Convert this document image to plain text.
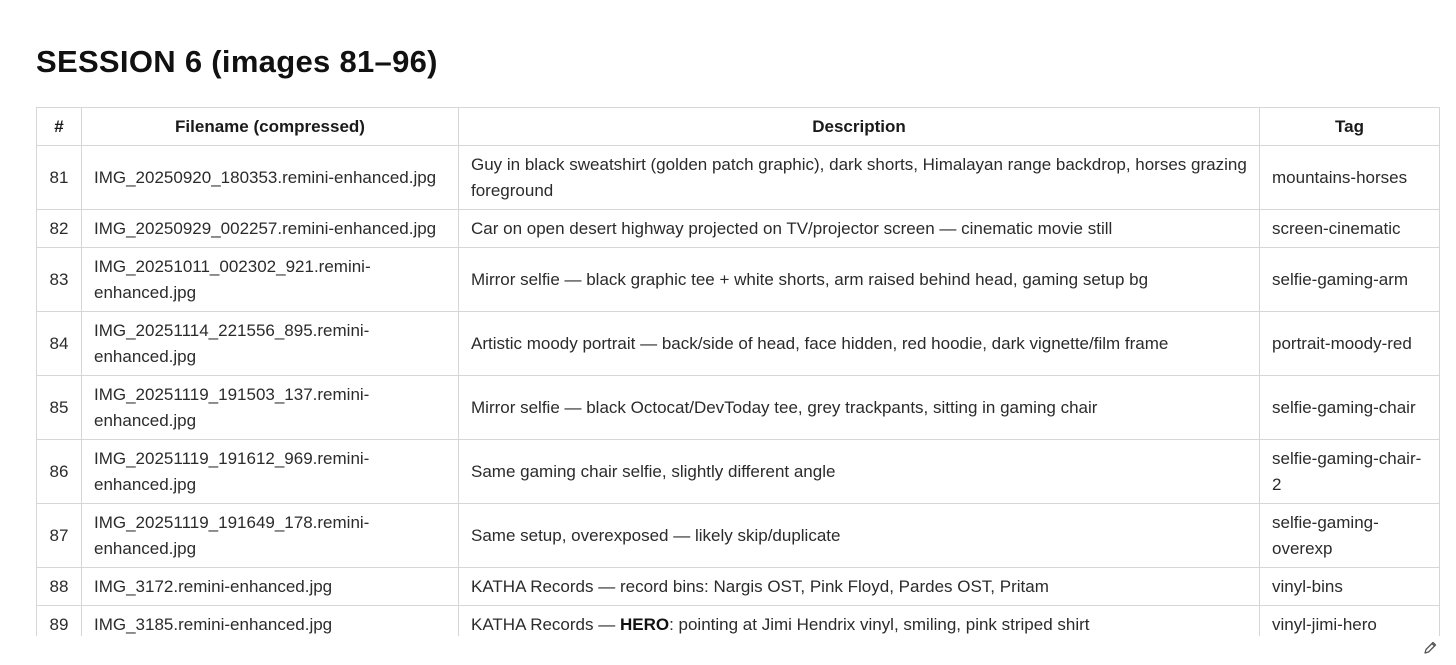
SESSION 6 (images 81–96)
#	Filename (compressed)	Description	Tag
81	IMG_20250920_180353.remini-enhanced.jpg	Guy in black sweatshirt (golden patch graphic), dark shorts, Himalayan range backdrop, horses grazing foreground	mountains-horses
82	IMG_20250929_002257.remini-enhanced.jpg	Car on open desert highway projected on TV/projector screen — cinematic movie still	screen-cinematic
83	IMG_20251011_002302_921.remini-enhanced.jpg	Mirror selfie — black graphic tee + white shorts, arm raised behind head, gaming setup bg	selfie-gaming-arm
84	IMG_20251114_221556_895.remini-enhanced.jpg	Artistic moody portrait — back/side of head, face hidden, red hoodie, dark vignette/film frame	portrait-moody-red
85	IMG_20251119_191503_137.remini-enhanced.jpg	Mirror selfie — black Octocat/DevToday tee, grey trackpants, sitting in gaming chair	selfie-gaming-chair
86	IMG_20251119_191612_969.remini-enhanced.jpg	Same gaming chair selfie, slightly different angle	selfie-gaming-chair-2
87	IMG_20251119_191649_178.remini-enhanced.jpg	Same setup, overexposed — likely skip/duplicate	selfie-gaming-overexp
88	IMG_3172.remini-enhanced.jpg	KATHA Records — record bins: Nargis OST, Pink Floyd, Pardes OST, Pritam	vinyl-bins
89	IMG_3185.remini-enhanced.jpg	KATHA Records — HERO: pointing at Jimi Hendrix vinyl, smiling, pink striped shirt	vinyl-jimi-hero
